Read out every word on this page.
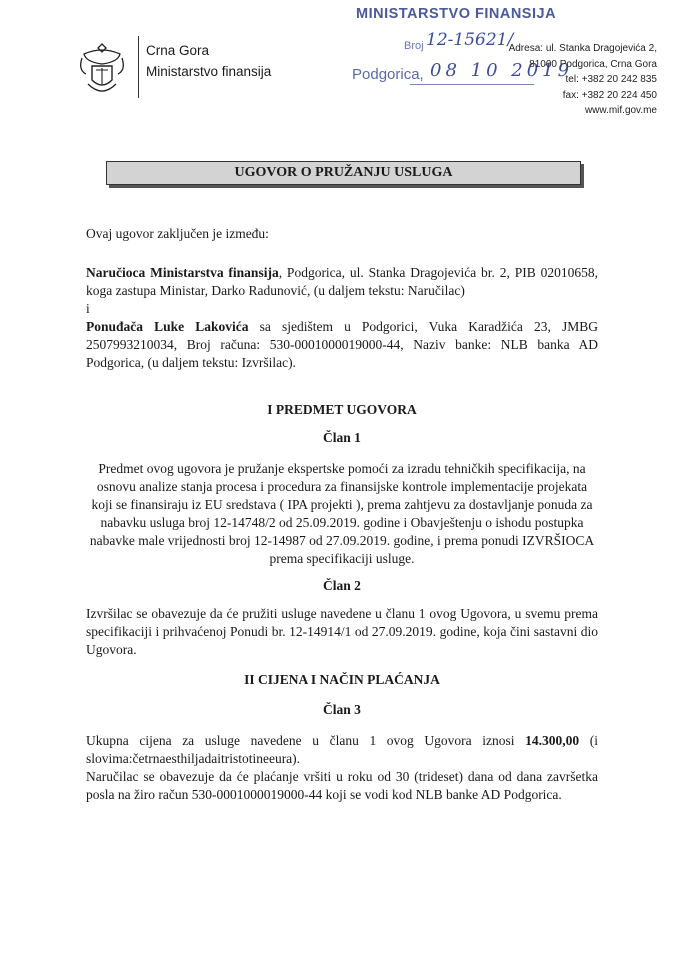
Crna Gora
Ministarstvo finansija
MINISTARSTVO FINANSIJA
Broj 12-15621/
Podgorica, 08 10 2019
Adresa: ul. Stanka Dragojevića 2,
81000 Podgorica, Crna Gora
tel: +382 20 242 835
fax: +382 20 224 450
www.mif.gov.me
UGOVOR O PRUŽANJU USLUGA
Ovaj ugovor zaključen je između:
Naručioca Ministarstva finansija, Podgorica, ul. Stanka Dragojevića br. 2, PIB 02010658, koga zastupa Ministar, Darko Radunović, (u daljem tekstu: Naručilac)
i
Ponuđača Luke Lakovića sa sjedištem u Podgorici, Vuka Karadžića 23, JMBG 2507993210034, Broj računa: 530-0001000019000-44, Naziv banke: NLB banka AD Podgorica, (u daljem tekstu: Izvršilac).
I PREDMET UGOVORA
Član 1
Predmet ovog ugovora je pružanje ekspertske pomoći za izradu tehničkih specifikacija, na osnovu analize stanja procesa i procedura za finansijske kontrole implementacije projekata koji se finansiraju iz EU sredstava ( IPA projekti ), prema zahtjevu za dostavljanje ponuda za nabavku usluga broj 12-14748/2 od 25.09.2019. godine i Obavještenju o ishodu postupka nabavke male vrijednosti broj 12-14987 od 27.09.2019. godine, i prema ponudi IZVRŠIOCA prema specifikaciji usluge.
Član 2
Izvršilac se obavezuje da će pružiti usluge navedene u članu 1 ovog Ugovora, u svemu prema specifikaciji i prihvaćenoj Ponudi br. 12-14914/1 od 27.09.2019. godine, koja čini sastavni dio Ugovora.
II CIJENA I NAČIN PLAĆANJA
Član 3
Ukupna cijena za usluge navedene u članu 1 ovog Ugovora iznosi 14.300,00 (i slovima:četrnaesthiljadaitristotineeura).
Naručilac se obavezuje da će plaćanje vršiti u roku od 30 (trideset) dana od dana završetka posla na žiro račun 530-0001000019000-44 koji se vodi kod NLB banke AD Podgorica.
